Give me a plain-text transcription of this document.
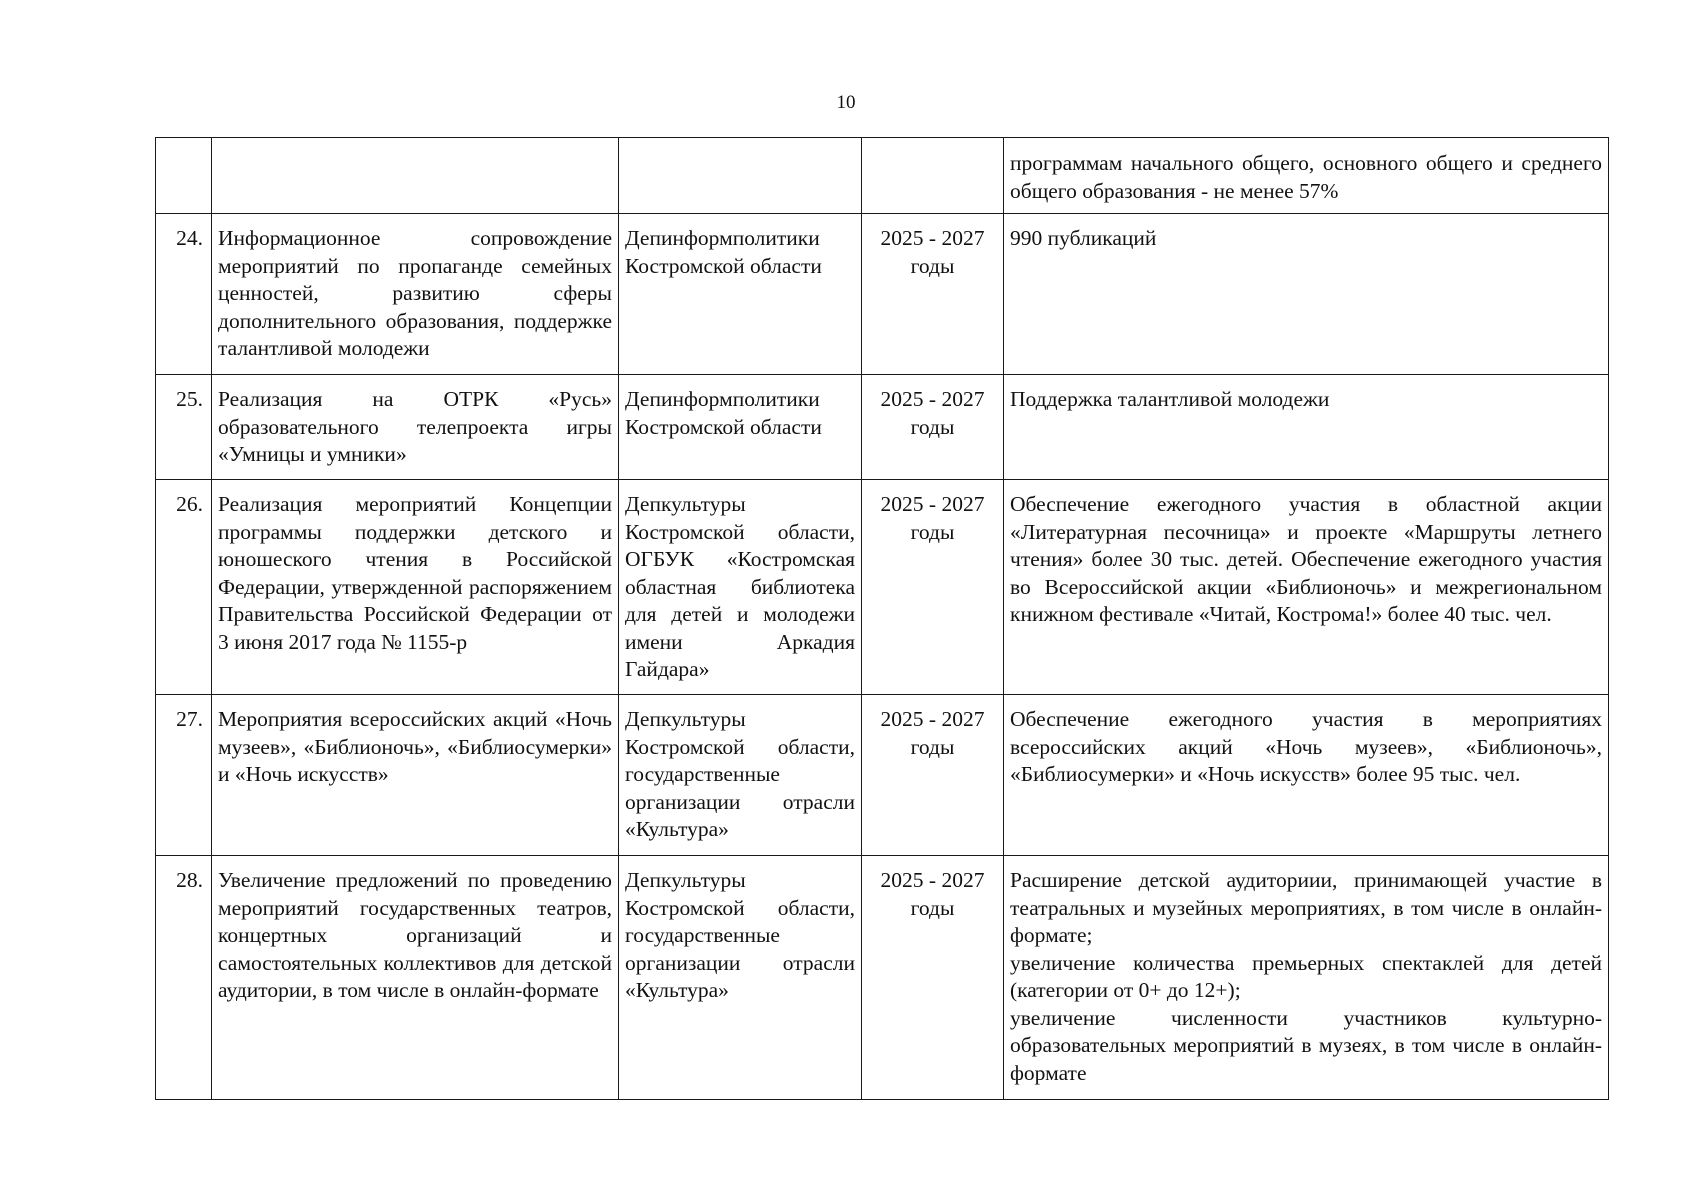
10
				программам начального общего, основного общего и среднего общего образования - не менее 57%
24.	Информационное сопровождение мероприятий по пропаганде семейных ценностей, развитию сферы дополнительного образования, поддержке талантливой молодежи	Депинформполитики Костромской области	2025 - 2027 годы	990 публикаций
25.	Реализация на ОТРК «Русь» образовательного телепроекта игры «Умницы и умники»	Депинформполитики Костромской области	2025 - 2027 годы	Поддержка талантливой молодежи
26.	Реализация мероприятий Концепции программы поддержки детского и юношеского чтения в Российской Федерации, утвержденной распоряжением Правительства Российской Федерации от 3 июня 2017 года № 1155-р	Депкультуры Костромской области, ОГБУК «Костромская областная библиотека для детей и молодежи имени Аркадия Гайдара»	2025 - 2027 годы	Обеспечение ежегодного участия в областной акции «Литературная песочница» и проекте «Маршруты летнего чтения» более 30 тыс. детей. Обеспечение ежегодного участия во Всероссийской акции «Библионочь» и межрегиональном книжном фестивале «Читай, Кострома!» более 40 тыс. чел.
27.	Мероприятия всероссийских акций «Ночь музеев», «Библионочь», «Библиосумерки» и «Ночь искусств»	Депкультуры Костромской области, государственные организации отрасли «Культура»	2025 - 2027 годы	Обеспечение ежегодного участия в мероприятиях всероссийских акций «Ночь музеев», «Библионочь», «Библиосумерки» и «Ночь искусств» более 95 тыс. чел.
28.	Увеличение предложений по проведению мероприятий государственных театров, концертных организаций и самостоятельных коллективов для детской аудитории, в том числе в онлайн-формате	Депкультуры Костромской области, государственные организации отрасли «Культура»	2025 - 2027 годы	Расширение детской аудиториии, принимающей участие в театральных и музейных мероприятиях, в том числе в онлайн-формате;
увеличение количества премьерных спектаклей для детей (категории от 0+ до 12+);
увеличение численности участников культурно-образовательных мероприятий в музеях, в том числе в онлайн-формате
